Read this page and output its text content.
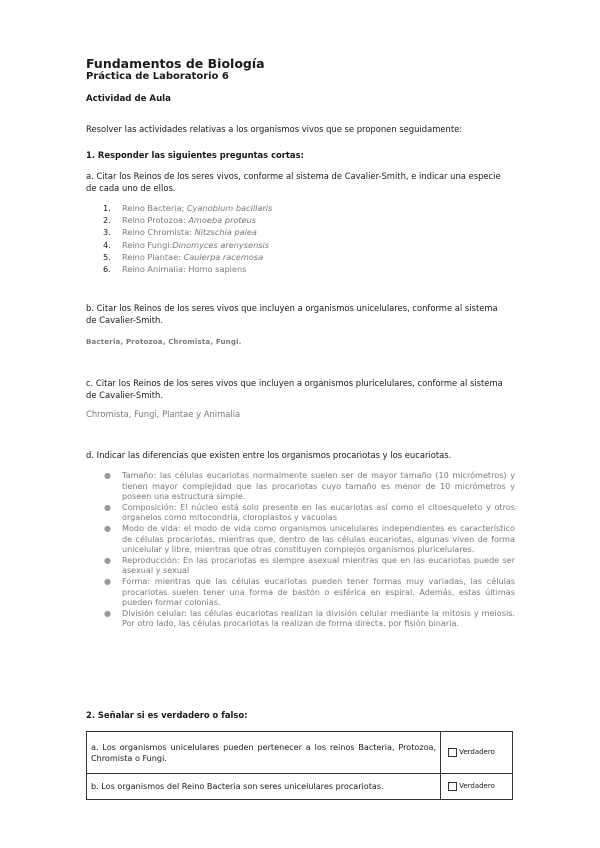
Fundamentos de Biología
Práctica de Laboratorio 6
Actividad de Aula
Resolver las actividades relativas a los organismos vivos que se proponen seguidamente:
1. Responder las siguientes preguntas cortas:
a. Citar los Reinos de los seres vivos, conforme al sistema de Cavalier-Smith, e indicar una especie
de cada uno de ellos.
1. Reino Bacteria; Cyanobium bacillaris
2. Reino Protozoa: Amoeba proteus
3. Reino Chromista: Nitzschia palea
4. Reino Fungi:Dinomyces arenysensis
5. Reino Plantae: Caulerpa racemosa
6. Reino Animalia: Homo sapiens
b. Citar los Reinos de los seres vivos que incluyen a organismos unicelulares, conforme al sistema
de Cavalier-Smith.
Bacteria, Protozoa, Chromista, Fungi.
c. Citar los Reinos de los seres vivos que incluyen a organismos pluricelulares, conforme al sistema
de Cavalier-Smith.
Chromista, Fungi, Plantae y Animalia
d. Indicar las diferencias que existen entre los organismos procariotas y los eucariotas.
● Tamaño: las células eucariotas normalmente suelen ser de mayor tamaño (10 micrómetros) y tienen mayor complejidad que las procariotas cuyo tamaño es menor de 10 micrómetros y poseen una estructura simple.
● Composición: El núcleo está solo presente en las eucariotas así como el citoesqueleto y otros organelos como mitocondria, cloroplastos y vacuolas
● Modo de vida: el modo de vida como organismos unicelulares independientes es característico de células procariotas, mientras que, dentro de las células eucariotas, algunas viven de forma unicelular y libre, mientras que otras constituyen complejos organismos pluricelulares.
● Reproducción: En las procariotas es siempre asexual mientras que en las eucariotas puede ser asexual y sexual
● Forma: mientras que las células eucariotas pueden tener formas muy variadas, las células procariotas suelen tener una forma de bastón o esférica en espiral. Además, estas últimas pueden formar colonias.
● División celular: las células eucariotas realizan la división celular mediante la mitosis y meiosis. Por otro lado, las células procariotas la realizan de forma directa, por fisión binaria.
2. Señalar si es verdadero o falso:
a. Los organismos unicelulares pueden pertenecer a los reinos Bacteria, Protozoa, Chromista o Fungi.	Verdadero
b. Los organismos del Reino Bacteria son seres unicelulares procariotas.	Verdadero
